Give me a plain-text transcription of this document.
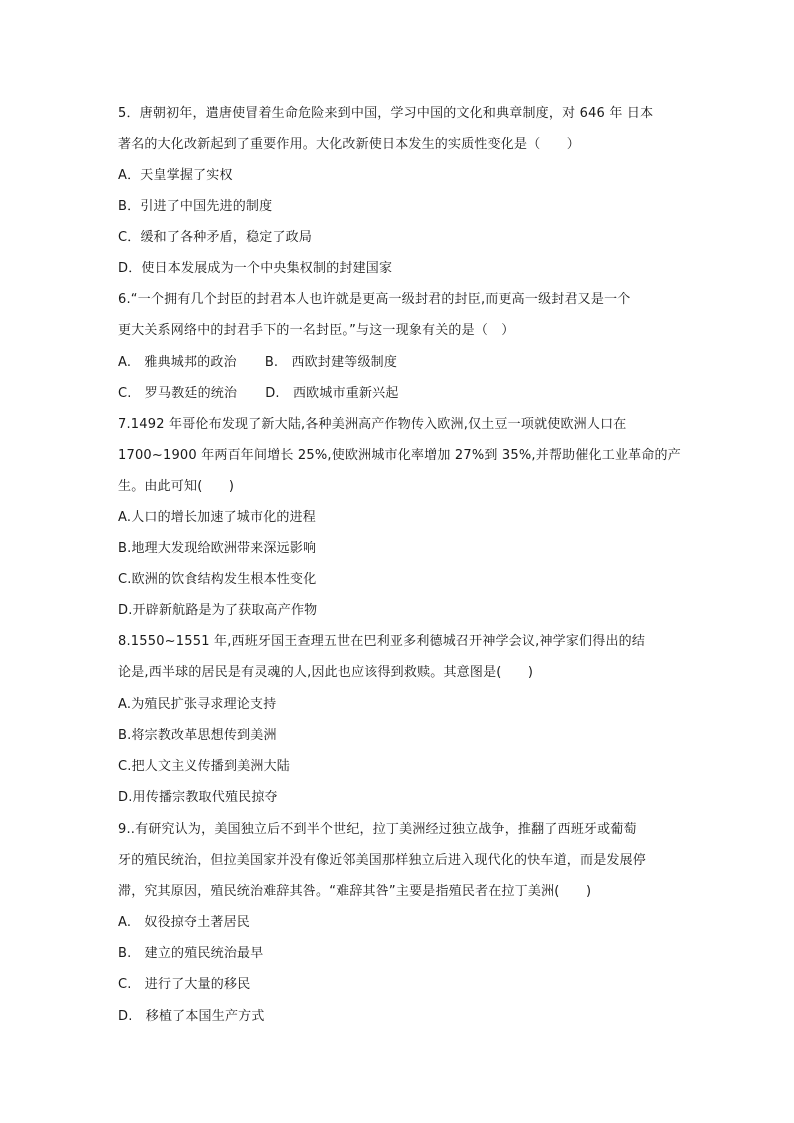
5．唐朝初年，遣唐使冒着生命危险来到中国，学习中国的文化和典章制度，对 646 年 日本
著名的大化改新起到了重要作用。大化改新使日本发生的实质性变化是（　　）
A．天皇掌握了实权
B．引进了中国先进的制度
C．缓和了各种矛盾，稳定了政局
D．使日本发展成为一个中央集权制的封建国家
6.“一个拥有几个封臣的封君本人也许就是更高一级封君的封臣,而更高一级封君又是一个
更大关系网络中的封君手下的一名封臣。”与这一现象有关的是（　）
A.　雅典城邦的政治 B.　西欧封建等级制度
C.　罗马教廷的统治 D.　西欧城市重新兴起
7.1492 年哥伦布发现了新大陆,各种美洲高产作物传入欧洲,仅土豆一项就使欧洲人口在
1700~1900 年两百年间增长 25%,使欧洲城市化率增加 27%到 35%,并帮助催化工业革命的产
生。由此可知(　　)
A.人口的增长加速了城市化的进程
B.地理大发现给欧洲带来深远影响
C.欧洲的饮食结构发生根本性变化
D.开辟新航路是为了获取高产作物
8.1550~1551 年,西班牙国王查理五世在巴利亚多利德城召开神学会议,神学家们得出的结
论是,西半球的居民是有灵魂的人,因此也应该得到救赎。其意图是(　　)
A.为殖民扩张寻求理论支持
B.将宗教改革思想传到美洲
C.把人文主义传播到美洲大陆
D.用传播宗教取代殖民掠夺
9..有研究认为，美国独立后不到半个世纪，拉丁美洲经过独立战争，推翻了西班牙或葡萄
牙的殖民统治，但拉美国家并没有像近邻美国那样独立后进入现代化的快车道，而是发展停
滞，究其原因，殖民统治难辞其咎。“难辞其咎”主要是指殖民者在拉丁美洲(　　)
A.　奴役掠夺土著居民
B.　建立的殖民统治最早
C.　进行了大量的移民
D.　移植了本国生产方式
